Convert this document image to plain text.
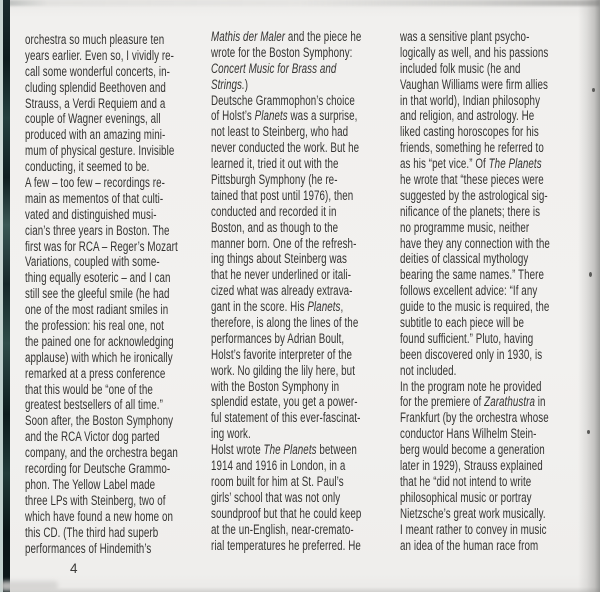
orchestra so much pleasure ten
years earlier. Even so, I vividly re-
call some wonderful concerts, in-
cluding splendid Beethoven and
Strauss, a Verdi Requiem and a
couple of Wagner evenings, all
produced with an amazing mini-
mum of physical gesture. Invisible
conducting, it seemed to be.
A few – too few – recordings re-
main as mementos of that culti-
vated and distinguished musi-
cian’s three years in Boston. The
first was for RCA – Reger’s Mozart
Variations, coupled with some-
thing equally esoteric – and I can
still see the gleeful smile (he had
one of the most radiant smiles in
the profession: his real one, not
the pained one for acknowledging
applause) with which he ironically
remarked at a press conference
that this would be “one of the
greatest bestsellers of all time.”
Soon after, the Boston Symphony
and the RCA Victor dog parted
company, and the orchestra began
recording for Deutsche Grammo-
phon. The Yellow Label made
three LPs with Steinberg, two of
which have found a new home on
this CD. (The third had superb
performances of Hindemith’s
Mathis der Maler and the piece he
wrote for the Boston Symphony:
Concert Music for Brass and
Strings.)
Deutsche Grammophon’s choice
of Holst’s Planets was a surprise,
not least to Steinberg, who had
never conducted the work. But he
learned it, tried it out with the
Pittsburgh Symphony (he re-
tained that post until 1976), then
conducted and recorded it in
Boston, and as though to the
manner born. One of the refresh-
ing things about Steinberg was
that he never underlined or itali-
cized what was already extrava-
gant in the score. His Planets,
therefore, is along the lines of the
performances by Adrian Boult,
Holst’s favorite interpreter of the
work. No gilding the lily here, but
with the Boston Symphony in
splendid estate, you get a power-
ful statement of this ever-fascinat-
ing work.
Holst wrote The Planets between
1914 and 1916 in London, in a
room built for him at St. Paul’s
girls’ school that was not only
soundproof but that he could keep
at the un-English, near-cremato-
rial temperatures he preferred. He
was a sensitive plant psycho-
logically as well, and his passions
included folk music (he and
Vaughan Williams were firm allies
in that world), Indian philosophy
and religion, and astrology. He
liked casting horoscopes for his
friends, something he referred to
as his “pet vice.” Of The Planets
he wrote that “these pieces were
suggested by the astrological sig-
nificance of the planets; there is
no programme music, neither
have they any connection with the
deities of classical mythology
bearing the same names.” There
follows excellent advice: “If any
guide to the music is required, the
subtitle to each piece will be
found sufficient.” Pluto, having
been discovered only in 1930, is
not included.
In the program note he provided
for the premiere of Zarathustra in
Frankfurt (by the orchestra whose
conductor Hans Wilhelm Stein-
berg would become a generation
later in 1929), Strauss explained
that he “did not intend to write
philosophical music or portray
Nietzsche’s great work musically.
I meant rather to convey in music
an idea of the human race from
4
